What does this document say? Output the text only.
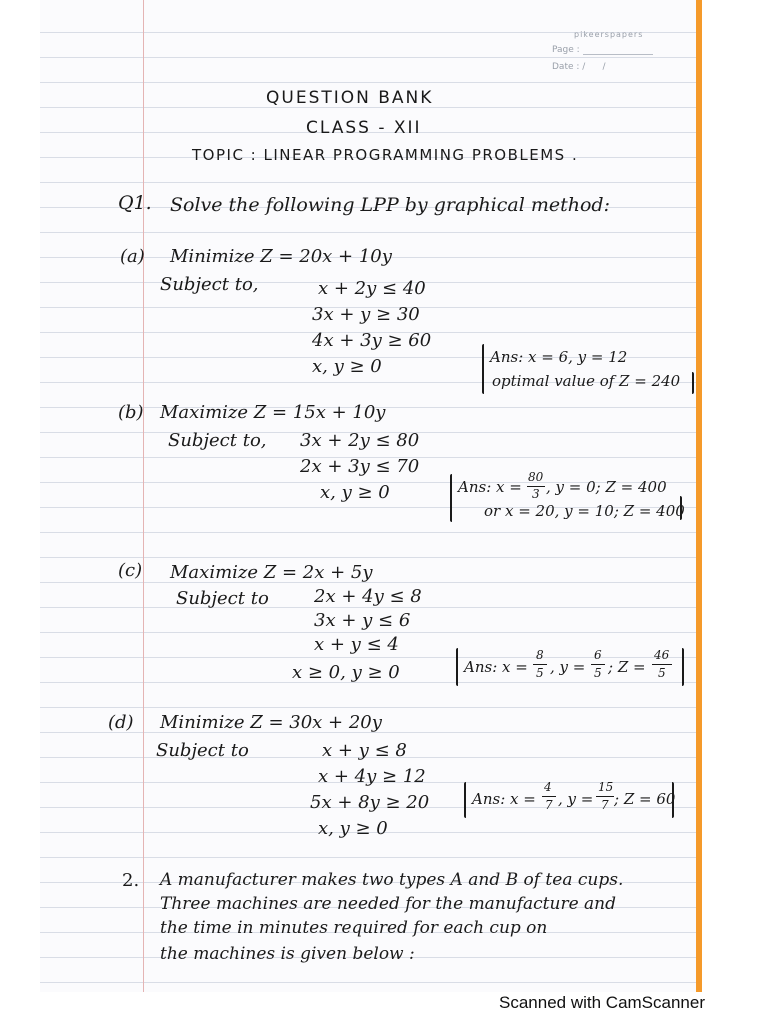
pikeerspapers
Page :
Date : /      /
QUESTION BANK
CLASS - XII
TOPIC : LINEAR PROGRAMMING PROBLEMS .
Q1. Solve the following LPP by graphical method:
(a) Minimize Z = 20x + 10y
Subject to,	x + 2y ≤ 40
3x + y ≥ 30
4x + 3y ≥ 60
x, y ≥ 0	Ans: x = 6, y = 12
optimal value of Z = 240
(b) Maximize Z = 15x + 10y
Subject to, 3x + 2y ≤ 80
2x + 3y ≤ 70
x, y ≥ 0	Ans: x =
80
3 , y = 0; Z = 400
or x = 20, y = 10; Z = 400
(c) Maximize Z = 2x + 5y
Subject to	2x + 4y ≤ 8
3x + y ≤ 6
x + y ≤ 4
x ≥ 0, y ≥ 0	Ans: x =
8
5 , y =
6
5 ; Z =
46
5
(d) Minimize Z = 30x + 20y
Subject to	x + y ≤ 8
x + 4y ≥ 12
5x + 8y ≥ 20
x, y ≥ 0
Ans: x =
4
7 , y =
15
7 ; Z = 60
2. A manufacturer makes two types A and B of tea cups.
Three machines are needed for the manufacture and
the time in minutes required for each cup on
the machines is given below :
Scanned with CamScanner
